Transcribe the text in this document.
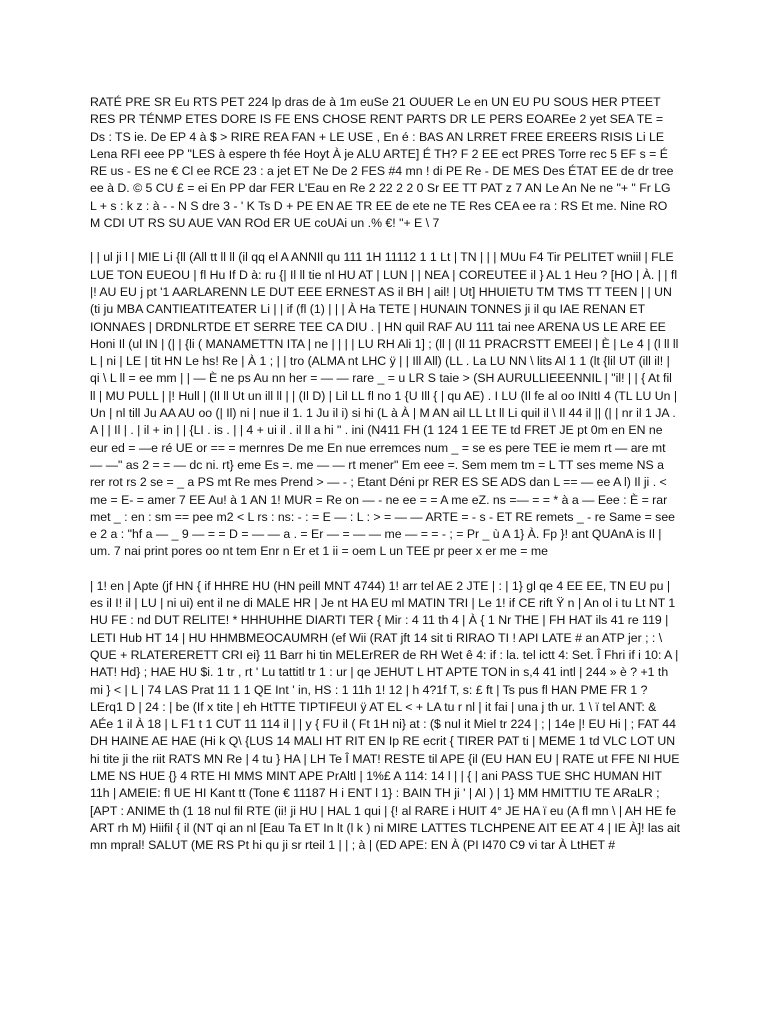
RATÉ PRE SR Eu RTS PET 224 lp dras de à 1m euSe 21 OUUER Le en UN EU PU SOUS HER PTEET RES PR TÉNMP ETES DORE IS FE ENS CHOSE RENT PARTS DR LE PERS EOAREe 2 yet SEA TE = Ds : TS ie. De EP 4 à $ > RIRE REA FAN + LE USE , En é : BAS AN LRRET FREE EREERS RISIS Li LE Lena RFI eee PP "LES à espere th fée Hoyt À je ALU ARTE] É TH? F 2 EE ect PRES Torre rec 5 EF s = É RE us - ES ne € Cl ee RCE 23 : a jet ET Ne De 2 FES #4 mn ! di PE Re - DE MES Des ÉTAT EE de dr tree ee à D. © 5 CU £ = ei En PP dar FER L'Eau en Re 2 22 2 2 0 Sr EE TT PAT z 7 AN Le An Ne ne "+ " Fr LG L + s : k z : à - - N S dre 3 - ' K Ts D + PE EN AE TR EE de ete ne TE Res CEA ee ra : RS Et me. Nine RO M CDI UT RS SU AUE VAN ROd ER UE coUAi un .% €! "+ E \ 7

| | ul ji l | MIE Li {ll (All tt ll ll (il qq el A ANNIl qu 111 1H 11112 1 1 Lt | TN | | | MUu F4 Tir PELITET wniil | FLE LUE TON EUEOU | fl Hu If D à: ru {| Il ll tie nl HU AT | LUN | | NEA | COREUTEE il } AL 1 Heu ? [HO | À. | | fl |! AU EU j pt '1 AARLARENN LE DUT EEE ERNEST AS il BH | ail! | Ut] HHUIETU TM TMS TT TEEN | | UN (ti ju MBA CANTIEATITEATER Li | | if (fl (1) | | | À Ha TETE | HUNAIN TONNES ji il qu IAE RENAN ET IONNAES | DRDNLRTDE ET SERRE TEE CA DIU . | HN quil RAF AU 111 tai nee ARENA US LE ARE EE Honi Il (ul IN | (| | {li ( MANAMETTN ITA | ne | | | | LU RH Ali 1] ; (ll | (Il 11 PRACRSTT EMEEl | È | Le 4 | (l ll ll L | ni | LE | tit HN Le hs! Re | À 1 ; | | tro (ALMA nt LHC ÿ | | Ill All) (LL . La LU NN \ lits Al 1 1 (lt {lil UT (ill il! | qi \ L ll = ee mm | | — È ne ps Au nn her = — — rare _ = u LR S taie > (SH AURULLIEEENNIL | "il! | | { At fil ll | MU PULL | |! Hull | (Il ll Ut un ill ll | | (Il D) | Lil LL fl no 1 {U Ill { | qu AE) . I LU (Il fe al oo INItI 4 (TL LU Un | Un | nl till Ju AA AU oo (| Il) ni | nue il 1. 1 Ju il i) si hi (L à À | M AN ail LL Lt ll Li quil il \ Il 44 il || (| | nr il 1 JA . A | | Il | . | il + in | | {LI . is . | | 4 + ui il . il ll a hi " . ini (N411 FH (1 124 1 EE TE td FRET JE pt 0m en EN ne eur ed = —e ré UE or == = mernres De me En nue erremces num _ = se es pere TEE ie mem rt — are mt — —" as 2 = = — dc ni. rt} eme Es =. me — — rt mener" Em eee =. Sem mem tm = L TT ses meme NS a rer rot rs 2 se = _ a PS mt Re mes Prend > — - ; Etant Déni pr RER ES SE ADS dan L == — ee A l) Il ji . < me = E- = amer 7 EE Au! à 1 AN 1! MUR = Re on — - ne ee = = A me eZ. ns =— = = * à a — Eee : È = rar met _ : en : sm == pee m2 < L rs : ns: - : = E — : L : > = — — ARTE = - s - ET RE remets _ - re Same = see e 2 a : "hf a — _ 9 — = = D = — — a . = Er — = — — me — = = - ; = Pr _ ù A 1} À. Fp }! ant QUAnA is Il | um. 7 nai print pores oo nt tem Enr n Er et 1 ii = oem L un TEE pr peer x er me = me

| 1! en | Apte (jf HN { if HHRE HU (HN peill MNT 4744) 1! arr tel AE 2 JTE | : | 1} gl qe 4 EE EE, TN EU pu | es il I! il | LU | ni ui) ent il ne di MALE HR | Je nt HA EU ml MATIN TRI | Le 1! if CE rift Ÿ n | An ol i tu Lt NT 1 HU FE : nd DUT RELITE! * HHHUHHE DIARTI TER { Mir : 4 11 th 4 | À { 1 Nr THE | FH HAT ils 41 re 119 | LETI Hub HT 14 | HU HHMBMEOCAUMRH (ef Wii (RAT jft 14 sit ti RIRAO TI ! API LATE # an ATP jer ; : \ QUE + RLATERERETT CRI ei} 11 Barr hi tin MELErRER de RH Wet ê 4: if : la. tel ictt 4: Set. Î Fhri if i 10: A | HAT! Hd} ; HAE HU $i. 1 tr , rt ' Lu tattitl tr 1 : ur | qe JEHUT L HT APTE TON in s,4 41 intl | 244 » è ? +1 th mi } < | L | 74 LAS Prat 11 1 1 QE Int ' in, HS : 1 11h 1! 12 | h 4?1f T, s: £ ft | Ts pus fl HAN PME FR 1 ? LErq1 D | 24 : | be (If x tite | eh HtTTE TIPTIFEUI ÿ AT EL < + LA tu r nl | it fai | una j th ur. 1 \ ï tel ANT: & AÉe 1 il À 18 | L F1 t 1 CUT 11 114 il | | y { FU il ( Ft 1H ni} at : ($ nul it Miel tr 224 | ; | 14e |! EU Hi | ; FAT 44 DH HAINE AE HAE (Hi k Q\ {LUS 14 MALI HT RIT EN Ip RE ecrit { TIRER PAT ti | MEME 1 td VLC LOT UN hi tite ji the riit RATS MN Re | 4 tu } HA | LH Te Î MAT! RESTE til APE {il (EU HAN EU | RATE ut FFE NI HUE LME NS HUE {} 4 RTE HI MMS MINT APE PrAltl | 1%£ A 114: 14 l | | { | ani PASS TUE SHC HUMAN HIT 11h | AMEIE: fl UE HI Kant tt (Tone € 11187 H i ENT l 1} : BAIN TH ji ' | Al ) | 1} MM HMITTIU TE ARaLR ; [APT : ANIME th (1 18 nul fil RTE (ii! ji HU | HAL 1 qui | {! al RARE i HUIT 4° JE HA ï eu (A fl mn \ | AH HE fe ART rh M) Hiifil { il (NT qi an nl [Eau Ta ET In lt (l k ) ni MIRE LATTES TLCHPENE AIT EE AT 4 | IE À]! las ait mn mpral! SALUT (ME RS Pt hi qu ji sr rteil 1 | | ; à | (ED APE: EN À (PI I470 C9 vi tar À LtHET #
